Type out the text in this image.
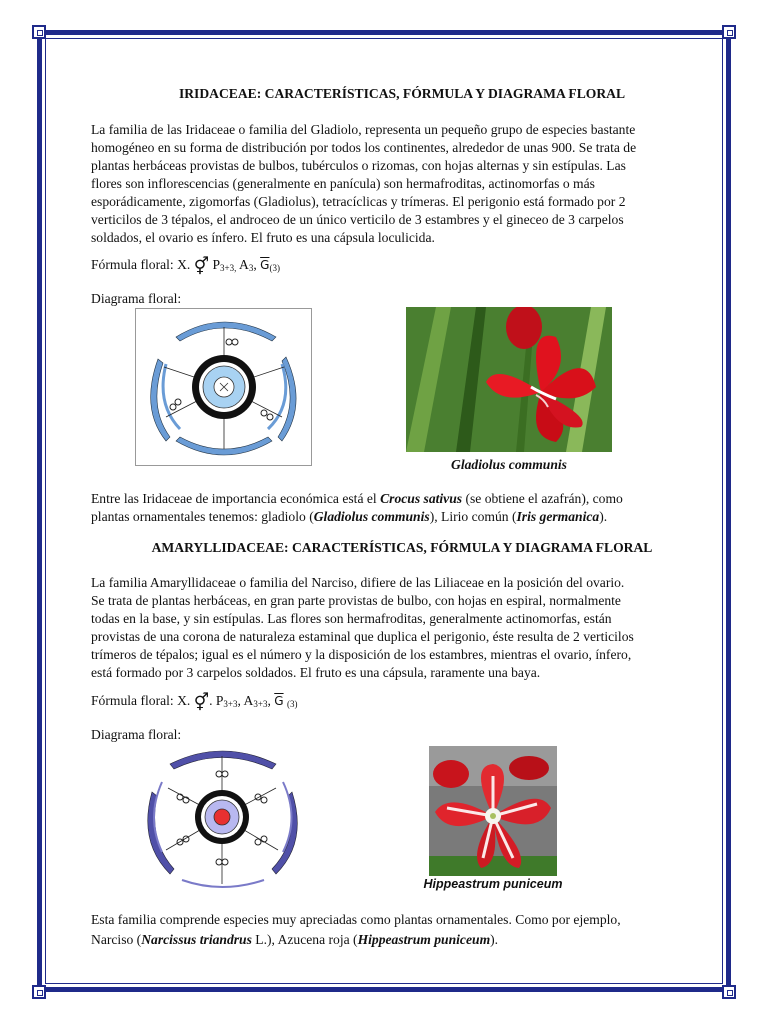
IRIDACEAE: CARACTERÍSTICAS, FÓRMULA Y DIAGRAMA FLORAL
La familia de las Iridaceae o familia del Gladiolo, representa un pequeño grupo de especies bastante
homogéneo en su forma de distribución por todos los continentes, alrededor de unas 900. Se trata de
plantas herbáceas provistas de bulbos, tubérculos o rizomas, con hojas alternas y sin estípulas. Las
flores son inflorescencias (generalmente en panícula) son hermafroditas, actinomorfas o más
esporádicamente, zigomorfas (Gladiolus), tetracíclicas y trímeras. El perigonio está formado por 2
verticilos de 3 tépalos, el androceo de un único verticilo de 3 estambres y el gineceo de 3 carpelos
soldados, el ovario es ínfero. El fruto es una cápsula loculicida.
Fórmula floral: X. ⚥ $P_{3+3,}$ $A_3$, $\overline{G}_{(3)}$
Diagrama floral:
Gladiolus communis
Entre las Iridaceae de importancia económica está el Crocus sativus (se obtiene el azafrán), como
plantas ornamentales tenemos: gladiolo (Gladiolus communis), Lirio común (Iris germanica).
AMARYLLIDACEAE: CARACTERÍSTICAS, FÓRMULA Y DIAGRAMA FLORAL
La familia Amaryllidaceae o familia del Narciso, difiere de las Liliaceae en la posición del ovario.
Se trata de plantas herbáceas, en gran parte provistas de bulbo, con hojas en espiral, normalmente
todas en la base, y sin estípulas. Las flores son hermafroditas, generalmente actinomorfas, están
provistas de una corona de naturaleza estaminal que duplica el perigonio, éste resulta de 2 verticilos
trímeros de tépalos; igual es el número y la disposición de los estambres, mientras el ovario, ínfero,
está formado por 3 carpelos soldados. El fruto es una cápsula, raramente una baya.
Fórmula floral: X. ⚥. $P_{3+3}$, $A_{3+3}$, $\overline{G}$ $_{(3)}$
Diagrama floral:
Hippeastrum puniceum
Esta familia comprende especies muy apreciadas como plantas ornamentales. Como por ejemplo,
Narciso (Narcissus triandrus L.), Azucena roja (Hippeastrum puniceum).
